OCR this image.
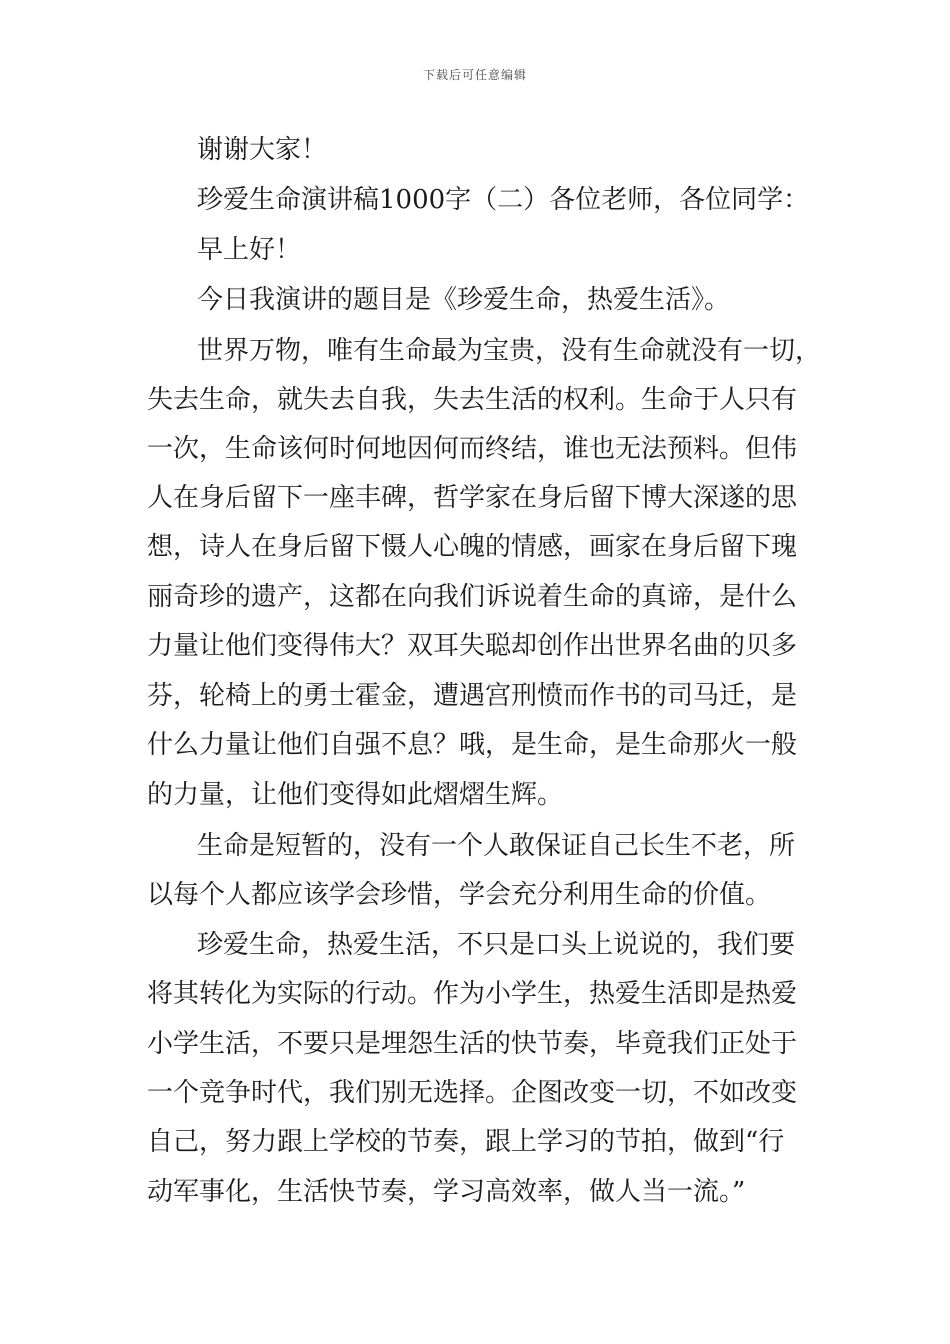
下载后可任意编辑
谢谢大家！
珍爱生命演讲稿1000字（二）各位老师，各位同学：
早上好！
今日我演讲的题目是《珍爱生命，热爱生活》。
世界万物，唯有生命最为宝贵，没有生命就没有一切，
失去生命，就失去自我，失去生活的权利。生命于人只有
一次，生命该何时何地因何而终结，谁也无法预料。但伟
人在身后留下一座丰碑，哲学家在身后留下博大深遂的思
想，诗人在身后留下慑人心魄的情感，画家在身后留下瑰
丽奇珍的遗产，这都在向我们诉说着生命的真谛，是什么
力量让他们变得伟大？双耳失聪却创作出世界名曲的贝多
芬，轮椅上的勇士霍金，遭遇宫刑愤而作书的司马迁，是
什么力量让他们自强不息？哦，是生命，是生命那火一般
的力量，让他们变得如此熠熠生辉。
生命是短暂的，没有一个人敢保证自己长生不老，所
以每个人都应该学会珍惜，学会充分利用生命的价值。
珍爱生命，热爱生活，不只是口头上说说的，我们要
将其转化为实际的行动。作为小学生，热爱生活即是热爱
小学生活，不要只是埋怨生活的快节奏，毕竟我们正处于
一个竞争时代，我们别无选择。企图改变一切，不如改变
自己，努力跟上学校的节奏，跟上学习的节拍，做到“行
动军事化，生活快节奏，学习高效率，做人当一流。”
